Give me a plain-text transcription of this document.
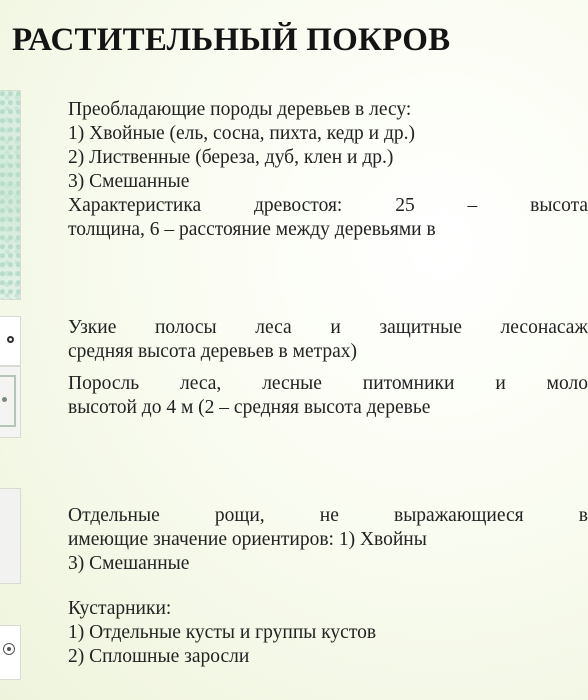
РАСТИТЕЛЬНЫЙ ПОКРОВ
Преобладающие породы деревьев в лесу:
1) Хвойные (ель, сосна, пихта, кедр и др.)
2) Лиственные (береза, дуб, клен и др.)
3) Смешанные
Характеристика	древостоя:	25	–	высота
толщина, 6 – расстояние между деревьями в
Узкие полосы леса и защитные лесонасаж
средняя высота деревьев в метрах)
Поросль леса, лесные питомники и моло
высотой до 4 м (2 – средняя высота деревье
Отдельные	рощи,	не	выражающиеся	в
имеющие значение ориентиров: 1) Хвойны
3) Смешанные
Кустарники:
1) Отдельные кусты и группы кустов
2) Сплошные заросли
